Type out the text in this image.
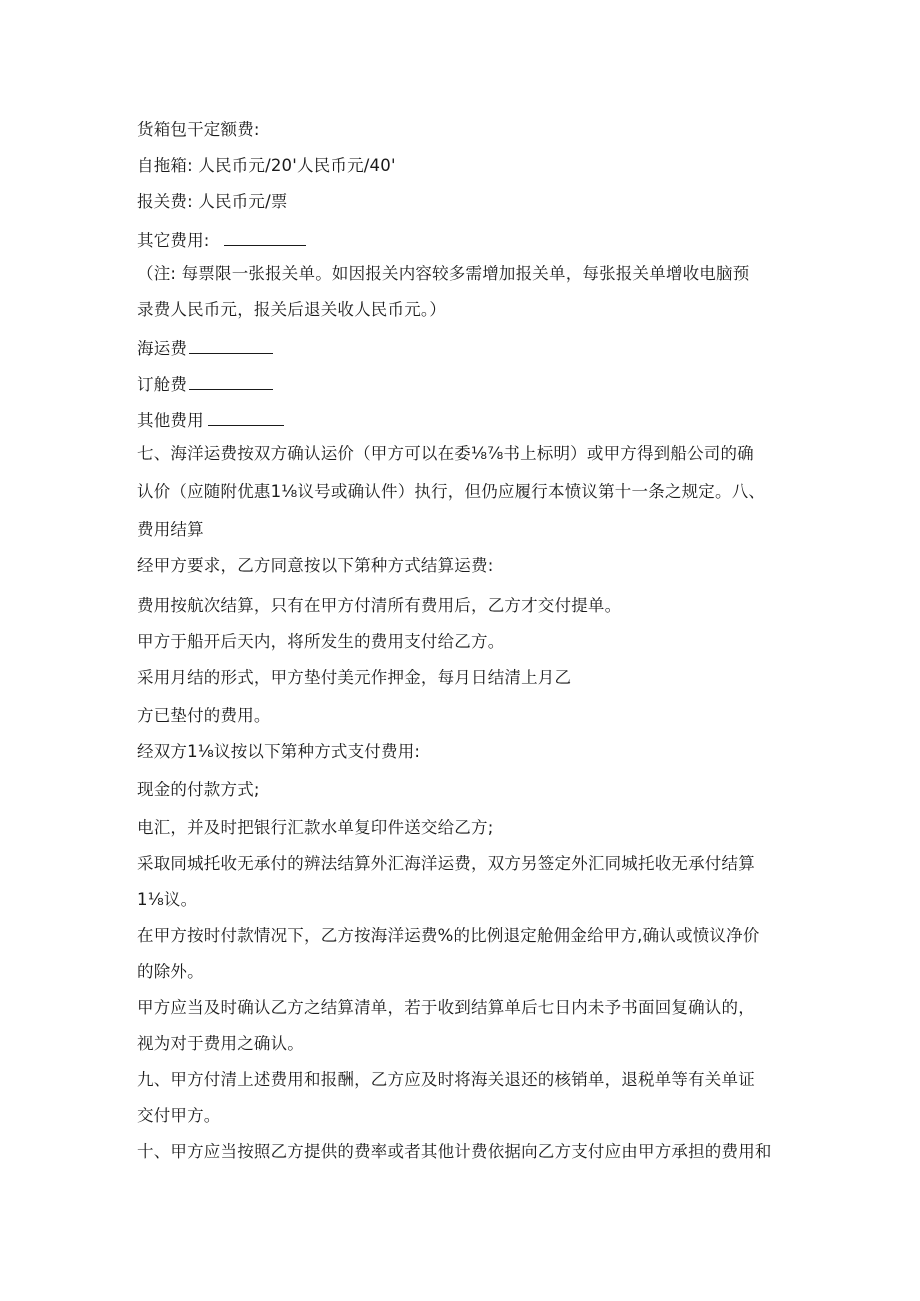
货箱包干定额费:
自拖箱: 人民币元/20'人民币元/40'
报关费: 人民币元/票
其它费用:
（注: 每票限一张报关单。如因报关内容较多需增加报关单，每张报关单增收电脑预
录费人民币元，报关后退关收人民币元。）
海运费
订舱费
其他费用
七、海洋运费按双方确认运价（甲方可以在委⅛⅞书上标明）或甲方得到船公司的确
认价（应随附优惠1⅛议号或确认件）执行，但仍应履行本愤议第十一条之规定。八、
费用结算
经甲方要求，乙方同意按以下第种方式结算运费:
费用按航次结算，只有在甲方付清所有费用后，乙方才交付提单。
甲方于船开后天内，将所发生的费用支付给乙方。
采用月结的形式，甲方垫付美元作押金，每月日结清上月乙
方已垫付的费用。
经双方1⅛议按以下第种方式支付费用:
现金的付款方式;
电汇，并及时把银行汇款水单复印件送交给乙方;
采取同城托收无承付的辨法结算外汇海洋运费，双方另签定外汇同城托收无承付结算
1⅛议。
在甲方按时付款情况下，乙方按海洋运费%的比例退定舱佣金给甲方,确认或愤议净价
的除外。
甲方应当及时确认乙方之结算清单，若于收到结算单后七日内未予书面回复确认的，
视为对于费用之确认。
九、甲方付清上述费用和报酬，乙方应及时将海关退还的核销单，退税单等有关单证
交付甲方。
十、甲方应当按照乙方提供的费率或者其他计费依据向乙方支付应由甲方承担的费用和
